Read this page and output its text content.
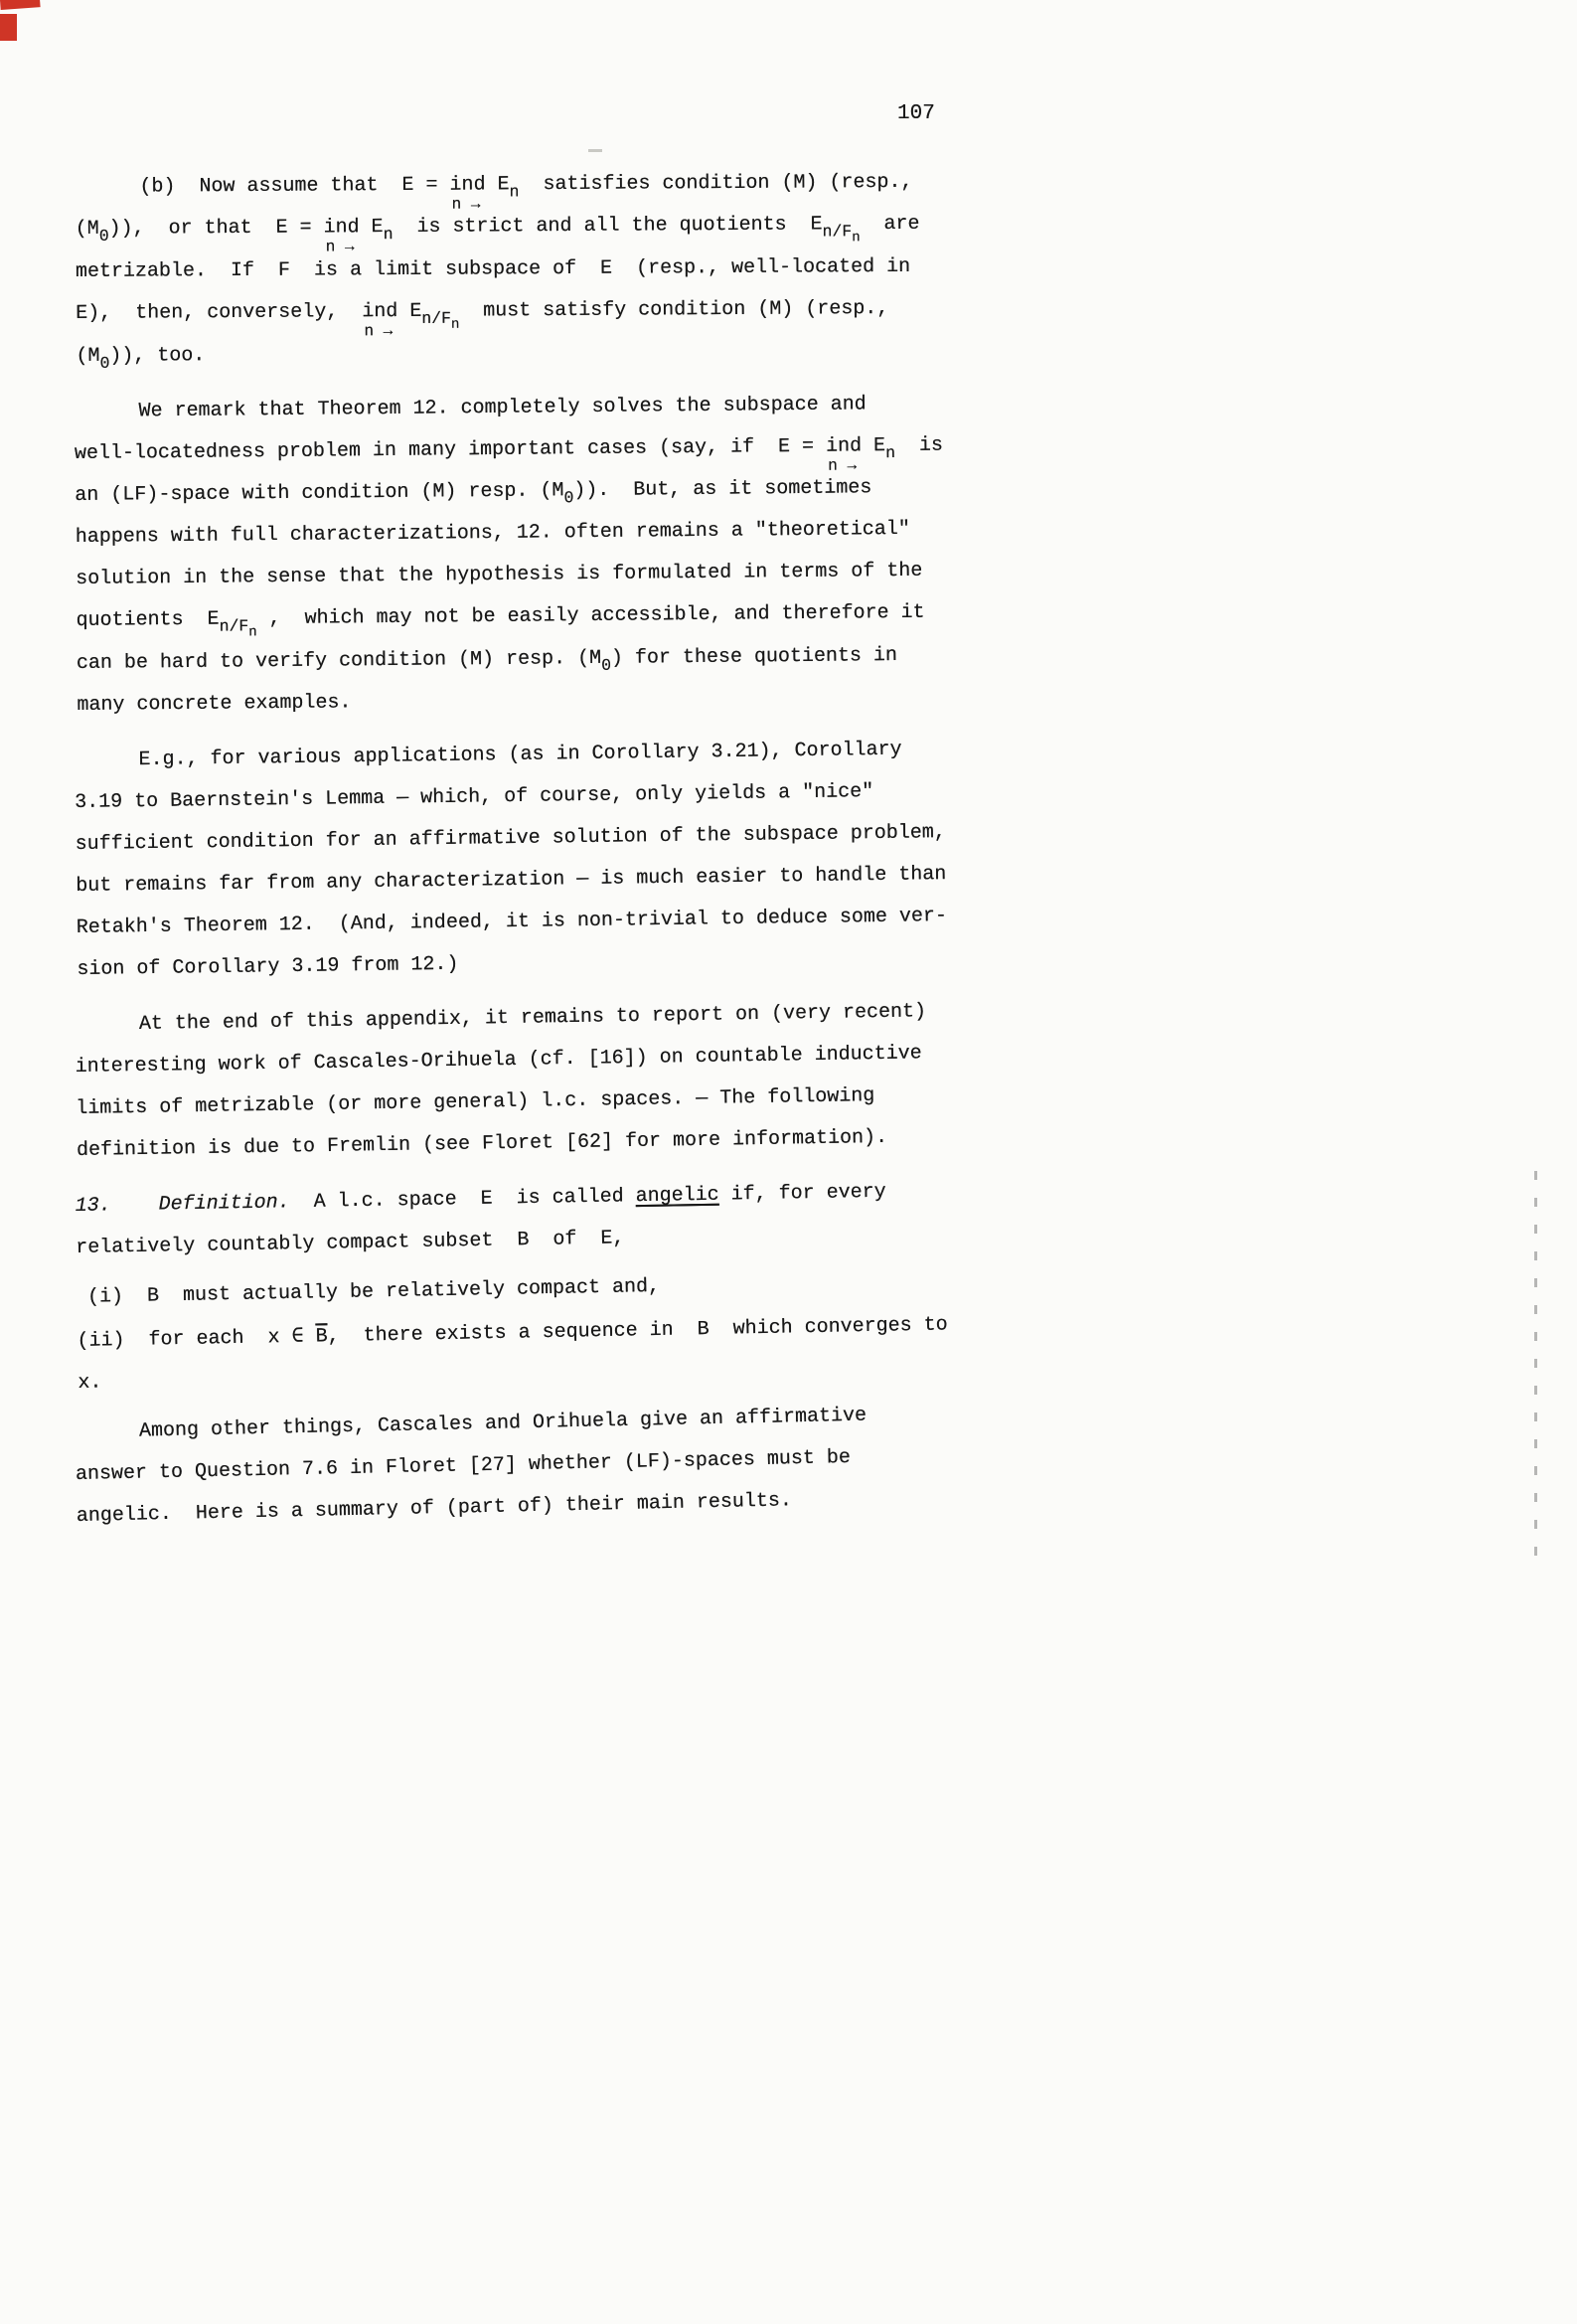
107
(b)  Now assume that  E = ind
n →
$E_n$  satisfies condition (M) (resp.,
$(M_0)$),  or that  E = ind
n →
$E_n$  is strict and all the quotients  $E_{n/Fn}$  are
metrizable.  If  F  is a limit subspace of  E  (resp., well-located in
E),  then, conversely,  ind
n →
$E_{n/Fn}$  must satisfy condition (M) (resp.,
$(M_0)$), too.
We remark that Theorem 12. completely solves the subspace and
well-locatedness problem in many important cases (say, if  E = ind
n →
$E_n$  is
an (LF)-space with condition (M) resp. $(M_0)$).  But, as it sometimes
happens with full characterizations, 12. often remains a "theoretical"
solution in the sense that the hypothesis is formulated in terms of the
quotients  $E_{n/Fn}$ ,  which may not be easily accessible, and therefore it
can be hard to verify condition (M) resp. $(M_0)$ for these quotients in
many concrete examples.
E.g., for various applications (as in Corollary 3.21), Corollary
3.19 to Baernstein's Lemma — which, of course, only yields a "nice"
sufficient condition for an affirmative solution of the subspace problem,
but remains far from any characterization — is much easier to handle than
Retakh's Theorem 12.  (And, indeed, it is non-trivial to deduce some ver-
sion of Corollary 3.19 from 12.)
At the end of this appendix, it remains to report on (very recent)
interesting work of Cascales-Orihuela (cf. [16]) on countable inductive
limits of metrizable (or more general) l.c. spaces. — The following
definition is due to Fremlin (see Floret [62] for more information).
13. Definition.  A l.c. space  E  is called angelic if, for every
relatively countably compact subset  B  of  E,
(i)  B  must actually be relatively compact and,
(ii)  for each  x ∈ $\overline{B}$,  there exists a sequence in  B  which converges to
x.
Among other things, Cascales and Orihuela give an affirmative
answer to Question 7.6 in Floret [27] whether (LF)-spaces must be
angelic.  Here is a summary of (part of) their main results.
